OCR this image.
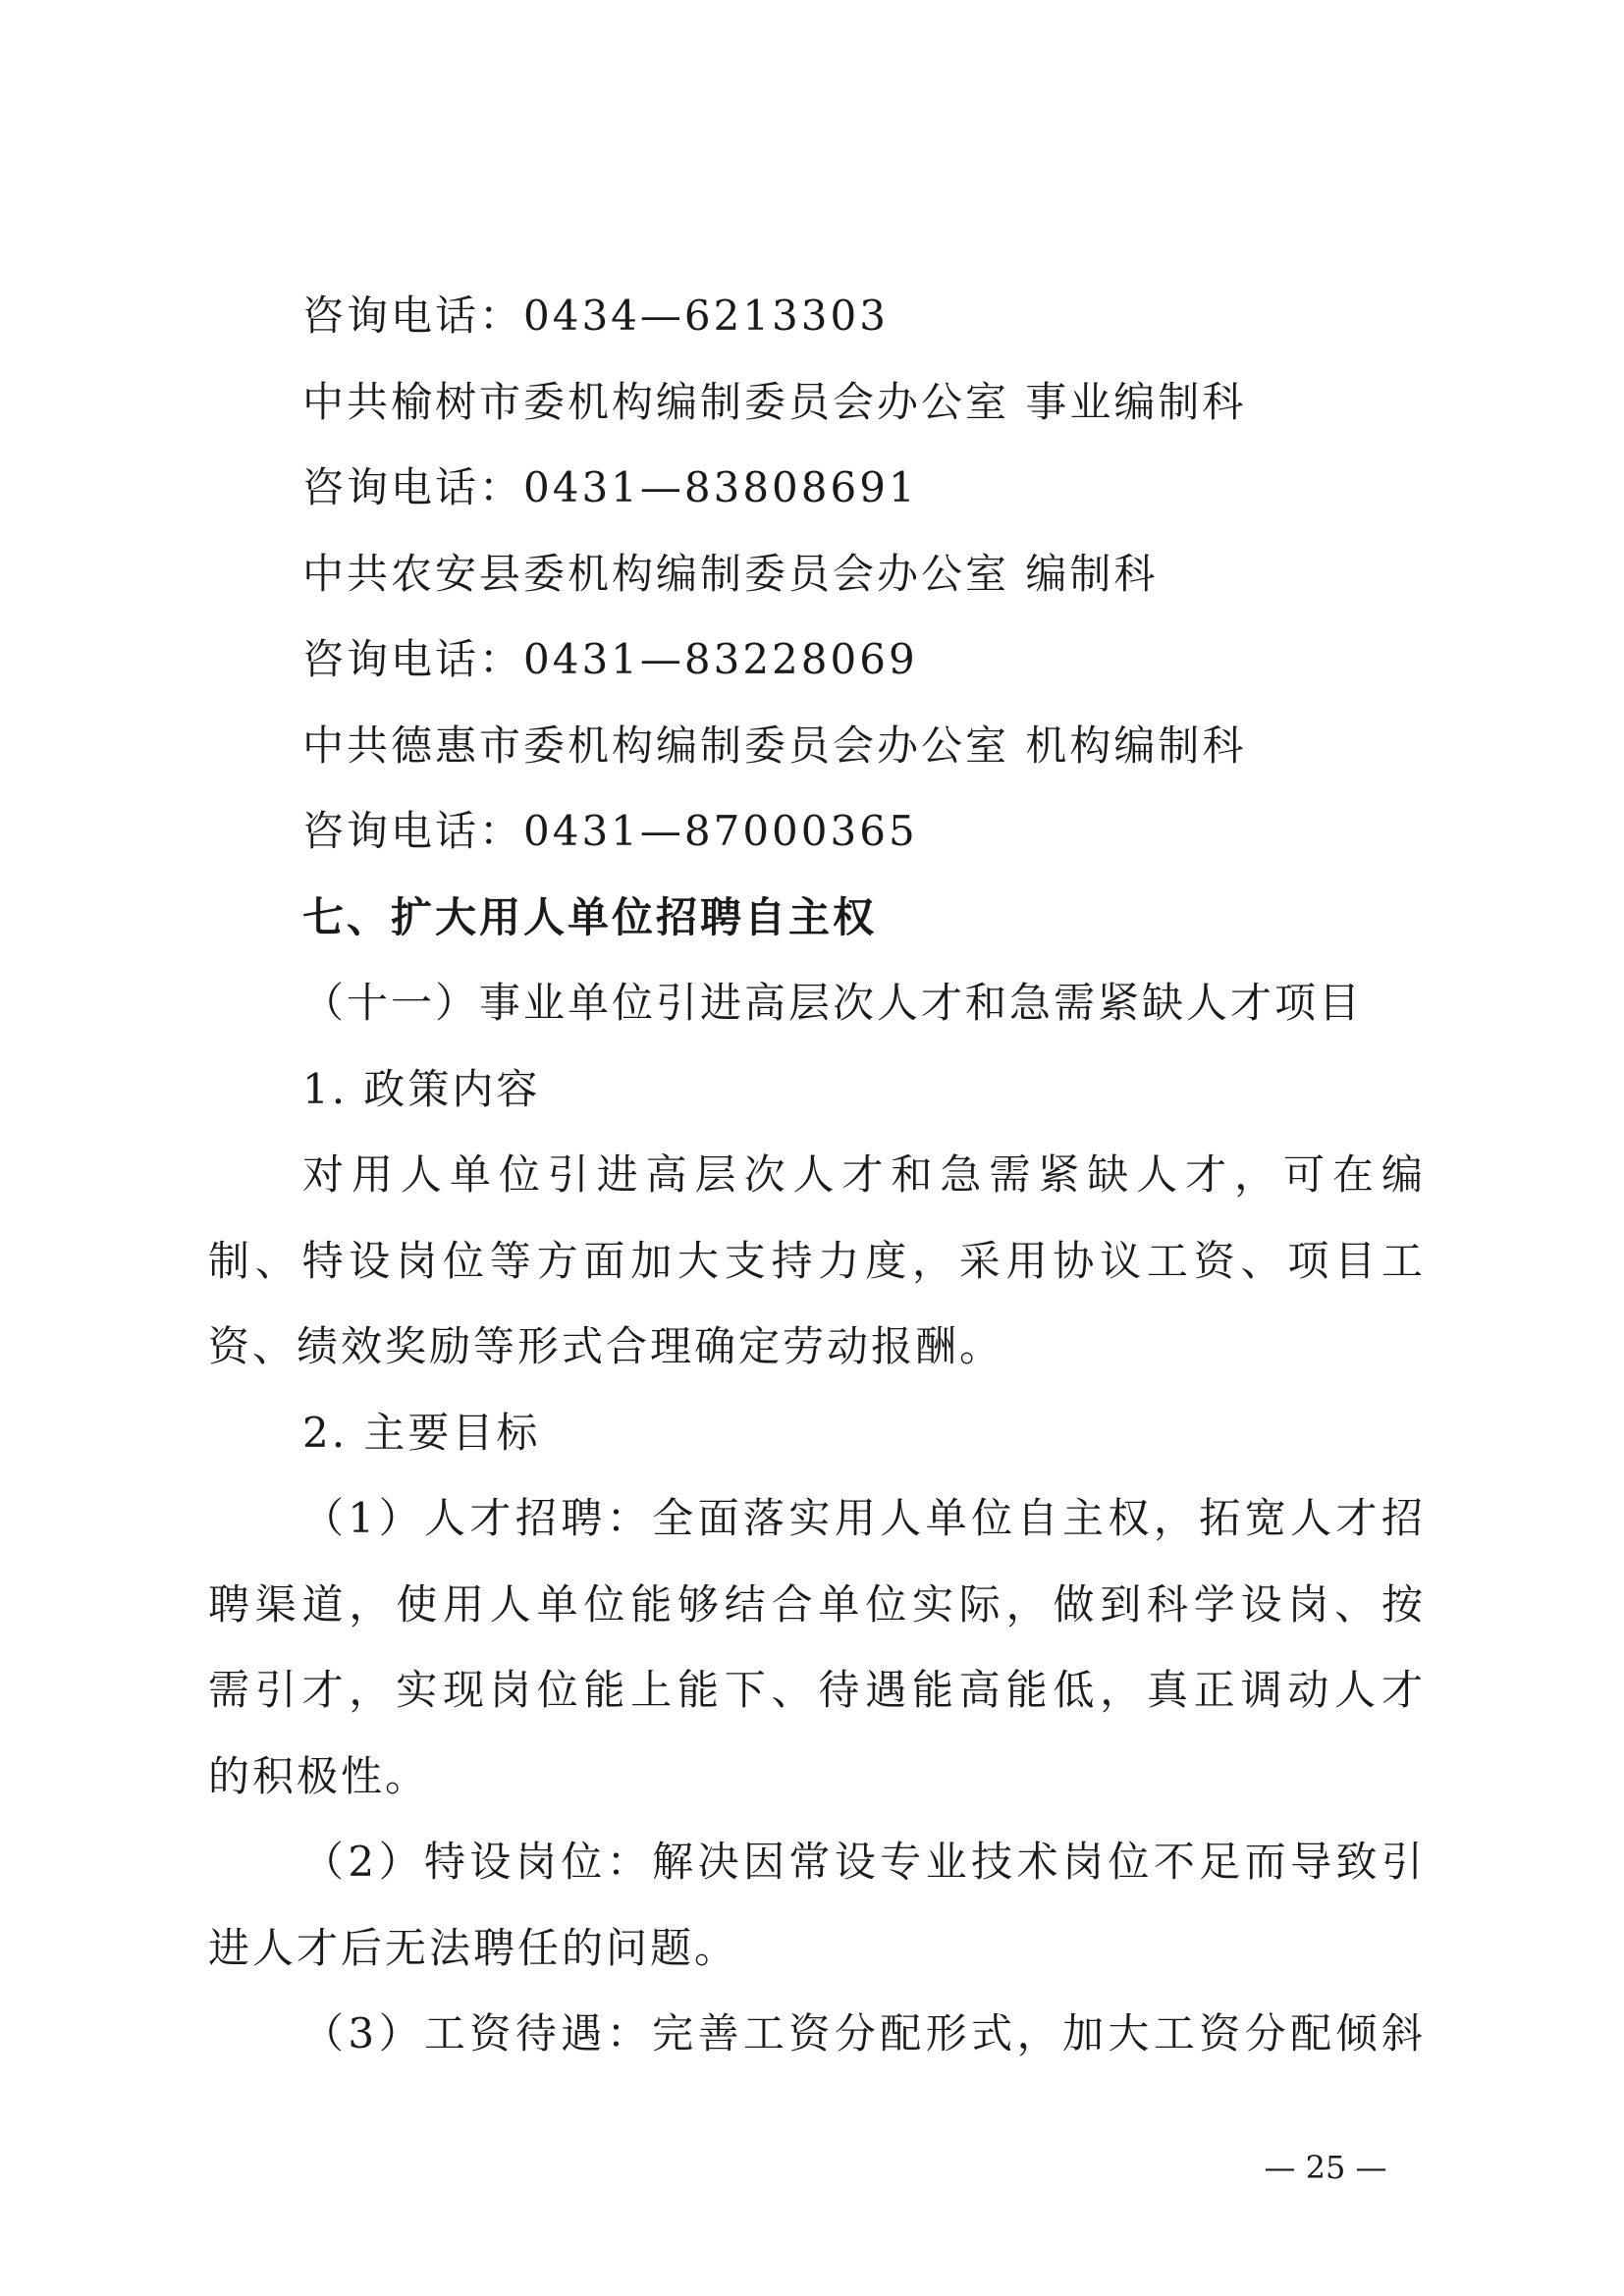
咨询电话：0434—6213303
中共榆树市委机构编制委员会办公室 事业编制科
咨询电话：0431—83808691
中共农安县委机构编制委员会办公室 编制科
咨询电话：0431—83228069
中共德惠市委机构编制委员会办公室 机构编制科
咨询电话：0431—87000365
七、扩大用人单位招聘自主权
（十一）事业单位引进高层次人才和急需紧缺人才项目
1. 政策内容
对用人单位引进高层次人才和急需紧缺人才，可在编
制、特设岗位等方面加大支持力度，采用协议工资、项目工
资、绩效奖励等形式合理确定劳动报酬。
2. 主要目标
（1）人才招聘：全面落实用人单位自主权，拓宽人才招
聘渠道，使用人单位能够结合单位实际，做到科学设岗、按
需引才，实现岗位能上能下、待遇能高能低，真正调动人才
的积极性。
（2）特设岗位：解决因常设专业技术岗位不足而导致引
进人才后无法聘任的问题。
（3）工资待遇：完善工资分配形式，加大工资分配倾斜
— 25 —
